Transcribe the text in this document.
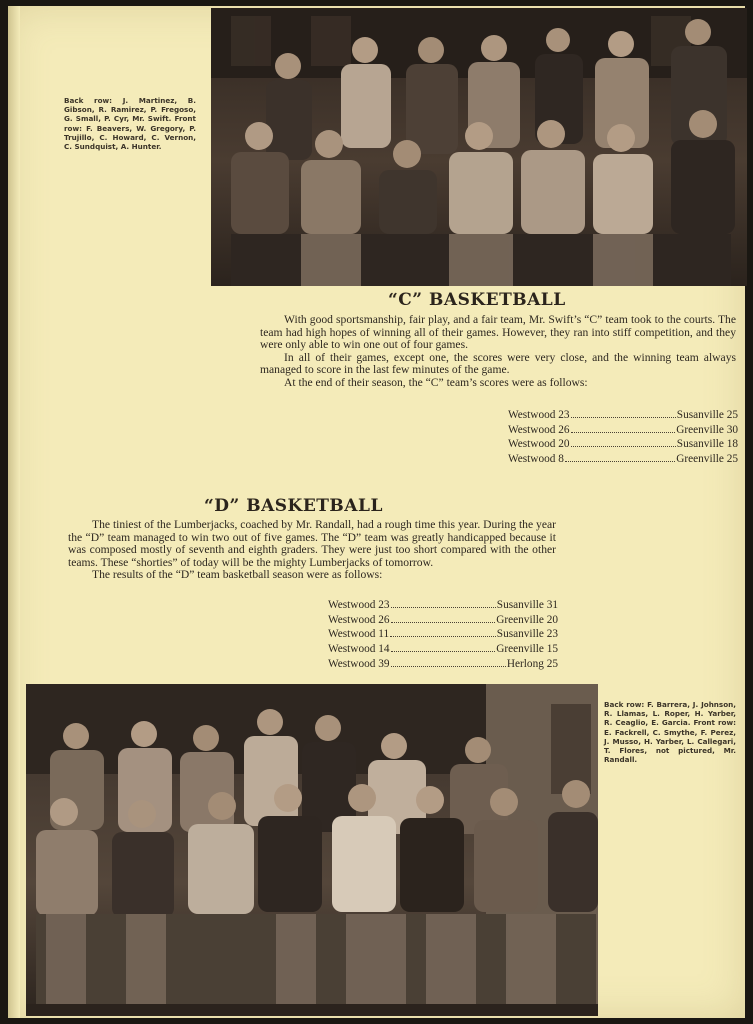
Back row: J. Martinez, B. Gibson, R. Ramirez, P. Fregoso, G. Small, P. Cyr, Mr. Swift. Front row: F. Beavers, W. Gregory, P. Trujillo, C. Howard, C. Vernon, C. Sundquist, A. Hunter.
“C” BASKETBALL

With good sportsmanship, fair play, and a fair team, Mr. Swift’s “C” team took to the courts. The team had high hopes of winning all of their games. However, they ran into stiff competition, and they were only able to win one out of four games.

In all of their games, except one, the scores were very close, and the winning team always managed to score in the last few minutes of the game.

At the end of their season, the “C” team’s scores were as follows:

Westwood 23	Susanville 25
Westwood 26	Greenville 30
Westwood 20	Susanville 18
Westwood 8	Greenville 25
“D” BASKETBALL

The tiniest of the Lumberjacks, coached by Mr. Randall, had a rough time this year. During the year the “D” team managed to win two out of five games. The “D” team was greatly handicapped because it was composed mostly of seventh and eighth graders. They were just too short compared with the other teams. These “shorties” of today will be the mighty Lumberjacks of tomorrow.

The results of the “D” team basketball season were as follows:

Westwood 23	Susanville 31
Westwood 26	Greenville 20
Westwood 11	Susanville 23
Westwood 14	Greenville 15
Westwood 39	Herlong 25
Back row: F. Barrera, J. Johnson, R. Llamas, L. Roper, H. Yarber, R. Ceaglio, E. Garcia. Front row: E. Fackrell, C. Smythe, F. Perez, J. Musso, H. Yarber, L. Callegari, T. Flores, not pictured, Mr. Randall.
